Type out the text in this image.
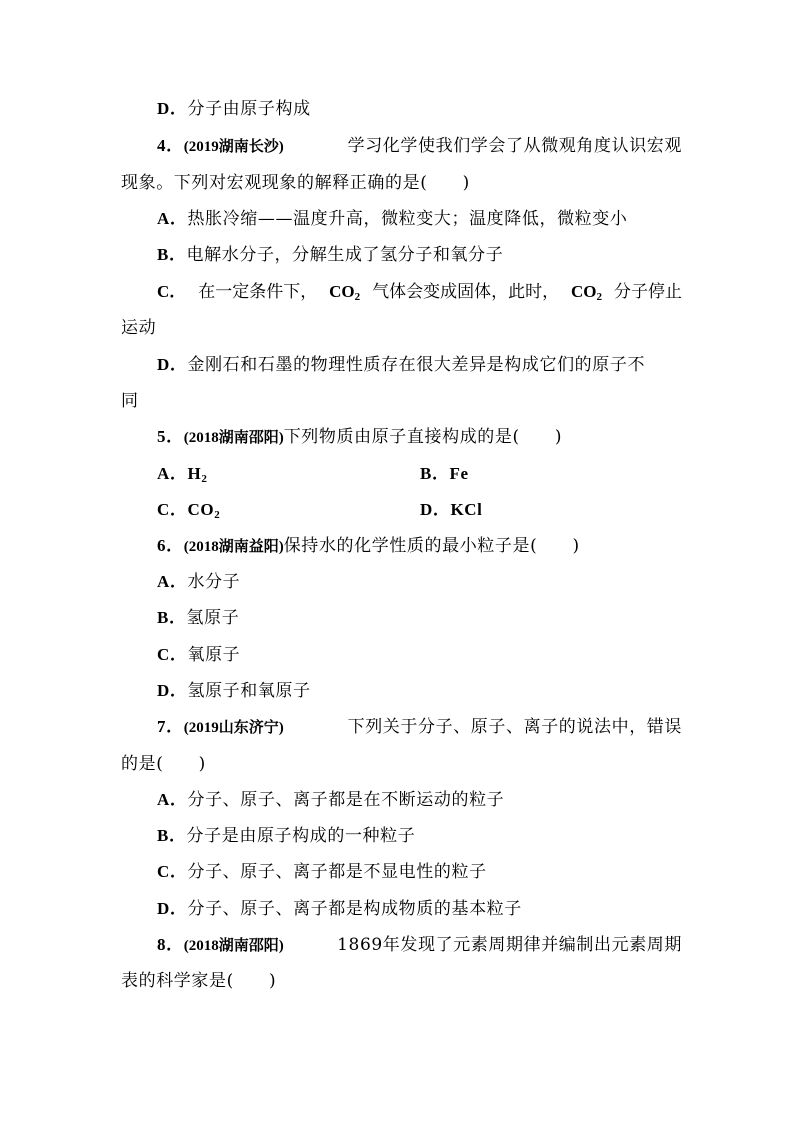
D．分子由原子构成
4．(2019湖南长沙)	学习化学使我们学会了从微观角度认识宏观
现象。下列对宏观现象的解释正确的是(　　)
A．热胀冷缩——温度升高，微粒变大；温度降低，微粒变小
B．电解水分子，分解生成了氢分子和氧分子
C． 在一定条件下， $CO_2$ 气体会变成固体，此时， $CO_2$ 分子停止
运动
D．金刚石和石墨的物理性质存在很大差异是构成它们的原子不
同
5．(2018湖南邵阳)下列物质由原子直接构成的是(　　)
A．$H_2$	B．Fe
C．$CO_2$	D．KCl
6．(2018湖南益阳)保持水的化学性质的最小粒子是(　　)
A．水分子
B．氢原子
C．氧原子
D．氢原子和氧原子
7．(2019山东济宁)	下列关于分子、原子、离子的说法中，错误
的是(　　)
A．分子、原子、离子都是在不断运动的粒子
B．分子是由原子构成的一种粒子
C．分子、原子、离子都是不显电性的粒子
D．分子、原子、离子都是构成物质的基本粒子
8．(2018湖南邵阳)	1869年发现了元素周期律并编制出元素周期
表的科学家是(　　)
